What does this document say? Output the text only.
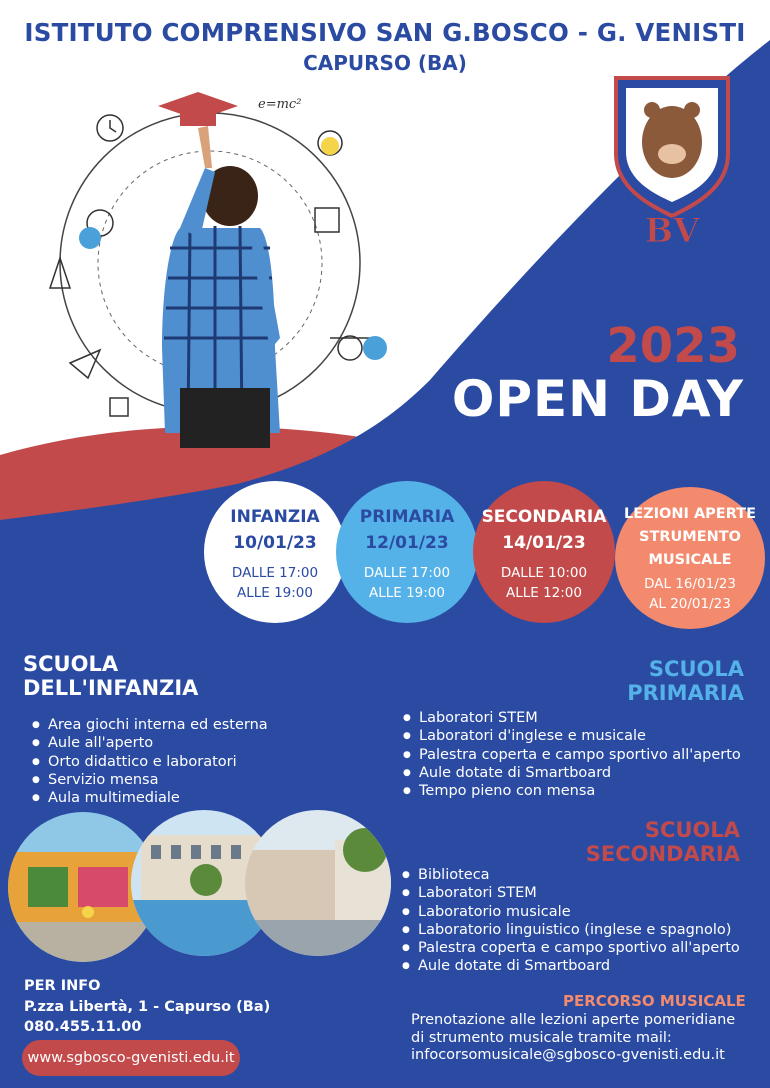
e=mc²
BV
ISTITUTO COMPRENSIVO SAN G.BOSCO - G. VENISTI
CAPURSO (BA)
2023
OPEN DAY
INFANZIA
10/01/23
DALLE 17:00
ALLE 19:00
PRIMARIA
12/01/23
DALLE 17:00
ALLE 19:00
SECONDARIA
14/01/23
DALLE 10:00
ALLE 12:00
LEZIONI APERTE
STRUMENTO
MUSICALE
DAL 16/01/23
AL 20/01/23
SCUOLA
DELL'INFANZIA
● Area giochi interna ed esterna
● Aule all'aperto
● Orto didattico e laboratori
● Servizio mensa
● Aula multimediale
SCUOLA
PRIMARIA
● Laboratori STEM
● Laboratori d'inglese e musicale
● Palestra coperta e campo sportivo all'aperto
● Aule dotate di Smartboard
● Tempo pieno con mensa
SCUOLA
SECONDARIA
● Biblioteca
● Laboratori STEM
● Laboratorio musicale
● Laboratorio linguistico (inglese e spagnolo)
● Palestra coperta e campo sportivo all'aperto
● Aule dotate di Smartboard
PER INFO
P.zza Libertà, 1 - Capurso (Ba)
080.455.11.00
www.sgbosco-gvenisti.edu.it
PERCORSO MUSICALE
Prenotazione alle lezioni aperte pomeridiane
di strumento musicale tramite mail:
infocorsomusicale@sgbosco-gvenisti.edu.it
